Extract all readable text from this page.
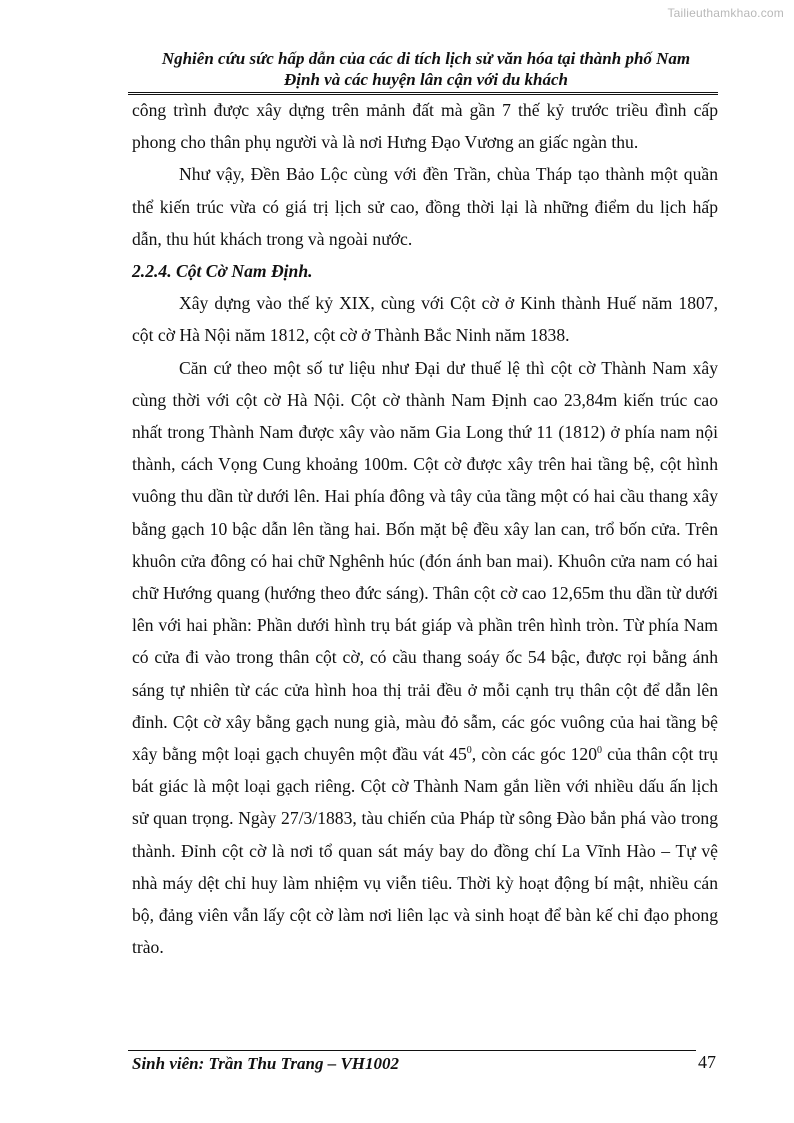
Tailieuthamkhao.com
Nghiên cứu sức hấp dẫn của các di tích lịch sử văn hóa tại thành phố Nam
Định và các huyện lân cận với du khách

công trình được xây dựng trên mảnh đất mà gần 7 thế kỷ trước triều đình cấp phong cho thân phụ người và là nơi Hưng Đạo Vương an giấc ngàn thu.

Như vậy, Đền Bảo Lộc cùng với đền Trần, chùa Tháp tạo thành một quần thể kiến trúc vừa có giá trị lịch sử cao, đồng thời lại là những điểm du lịch hấp dẫn, thu hút khách trong và ngoài nước.

2.2.4. Cột Cờ Nam Định.

Xây dựng vào thế kỷ XIX, cùng với Cột cờ ở Kinh thành Huế năm 1807, cột cờ Hà Nội năm 1812, cột cờ ở Thành Bắc Ninh năm 1838.

Căn cứ theo một số tư liệu như Đại dư thuế lệ thì cột cờ Thành Nam xây cùng thời với cột cờ Hà Nội. Cột cờ thành Nam Định cao 23,84m kiến trúc cao nhất trong Thành Nam được xây vào năm Gia Long thứ 11 (1812) ở phía nam nội thành, cách Vọng Cung khoảng 100m. Cột cờ được xây trên hai tầng bệ, cột hình vuông thu dần từ dưới lên. Hai phía đông và tây của tầng một có hai cầu thang xây bằng gạch 10 bậc dẫn lên tầng hai. Bốn mặt bệ đều xây lan can, trổ bốn cửa. Trên khuôn cửa đông có hai chữ Nghênh húc (đón ánh ban mai). Khuôn cửa nam có hai chữ Hướng quang (hướng theo đức sáng). Thân cột cờ cao 12,65m thu dần từ dưới lên với hai phần: Phần dưới hình trụ bát giáp và phần trên hình tròn. Từ phía Nam có cửa đi vào trong thân cột cờ, có cầu thang soáy ốc 54 bậc, được rọi bằng ánh sáng tự nhiên từ các cửa hình hoa thị trải đều ở mỗi cạnh trụ thân cột để dẫn lên đỉnh. Cột cờ xây bằng gạch nung già, màu đỏ sẫm, các góc vuông của hai tầng bệ xây bằng một loại gạch chuyên một đầu vát $45^0$, còn các góc $120^0$ của thân cột trụ bát giác là một loại gạch riêng. Cột cờ Thành Nam gắn liền với nhiều dấu ấn lịch sử quan trọng. Ngày 27/3/1883, tàu chiến của Pháp từ sông Đào bắn phá vào trong thành. Đỉnh cột cờ là nơi tổ quan sát máy bay do đồng chí La Vĩnh Hào – Tự vệ nhà máy dệt chỉ huy làm nhiệm vụ viễn tiêu. Thời kỳ hoạt động bí mật, nhiều cán bộ, đảng viên vẫn lấy cột cờ làm nơi liên lạc và sinh hoạt để bàn kế chỉ đạo phong trào.

Sinh viên: Trần Thu Trang – VH1002	47
